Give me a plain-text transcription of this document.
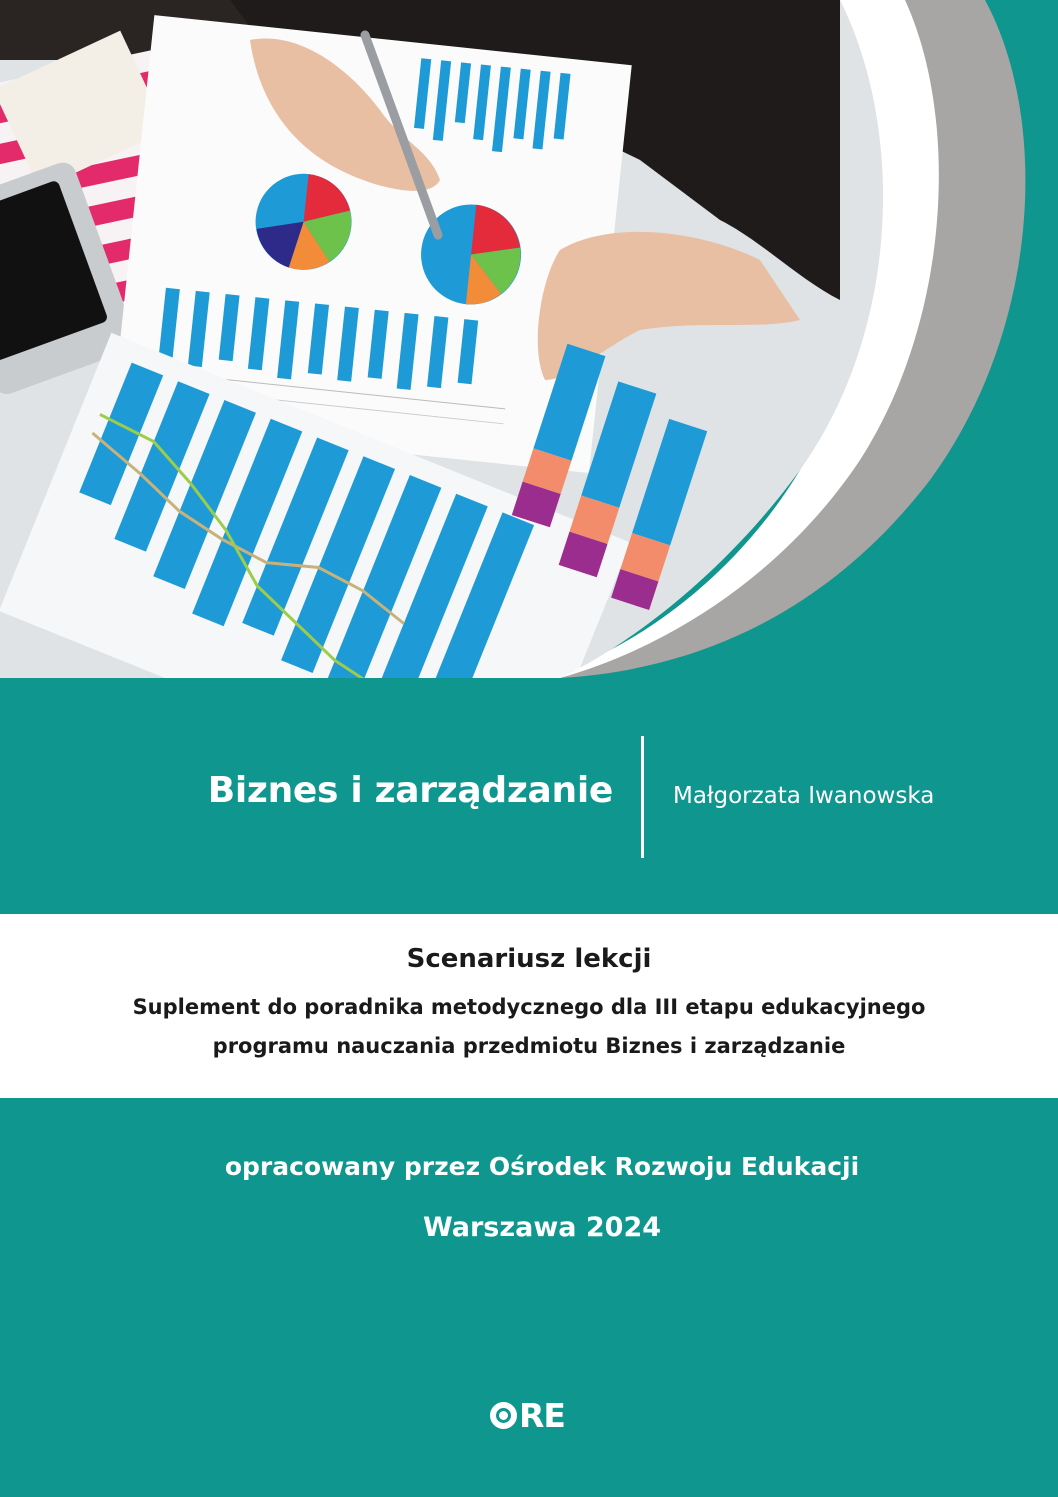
Biznes i zarządzanie	Małgorzata Iwanowska
Scenariusz lekcji
Suplement do poradnika metodycznego dla III etapu edukacyjnego
programu nauczania przedmiotu Biznes i zarządzanie
opracowany przez Ośrodek Rozwoju Edukacji
Warszawa 2024
RE
